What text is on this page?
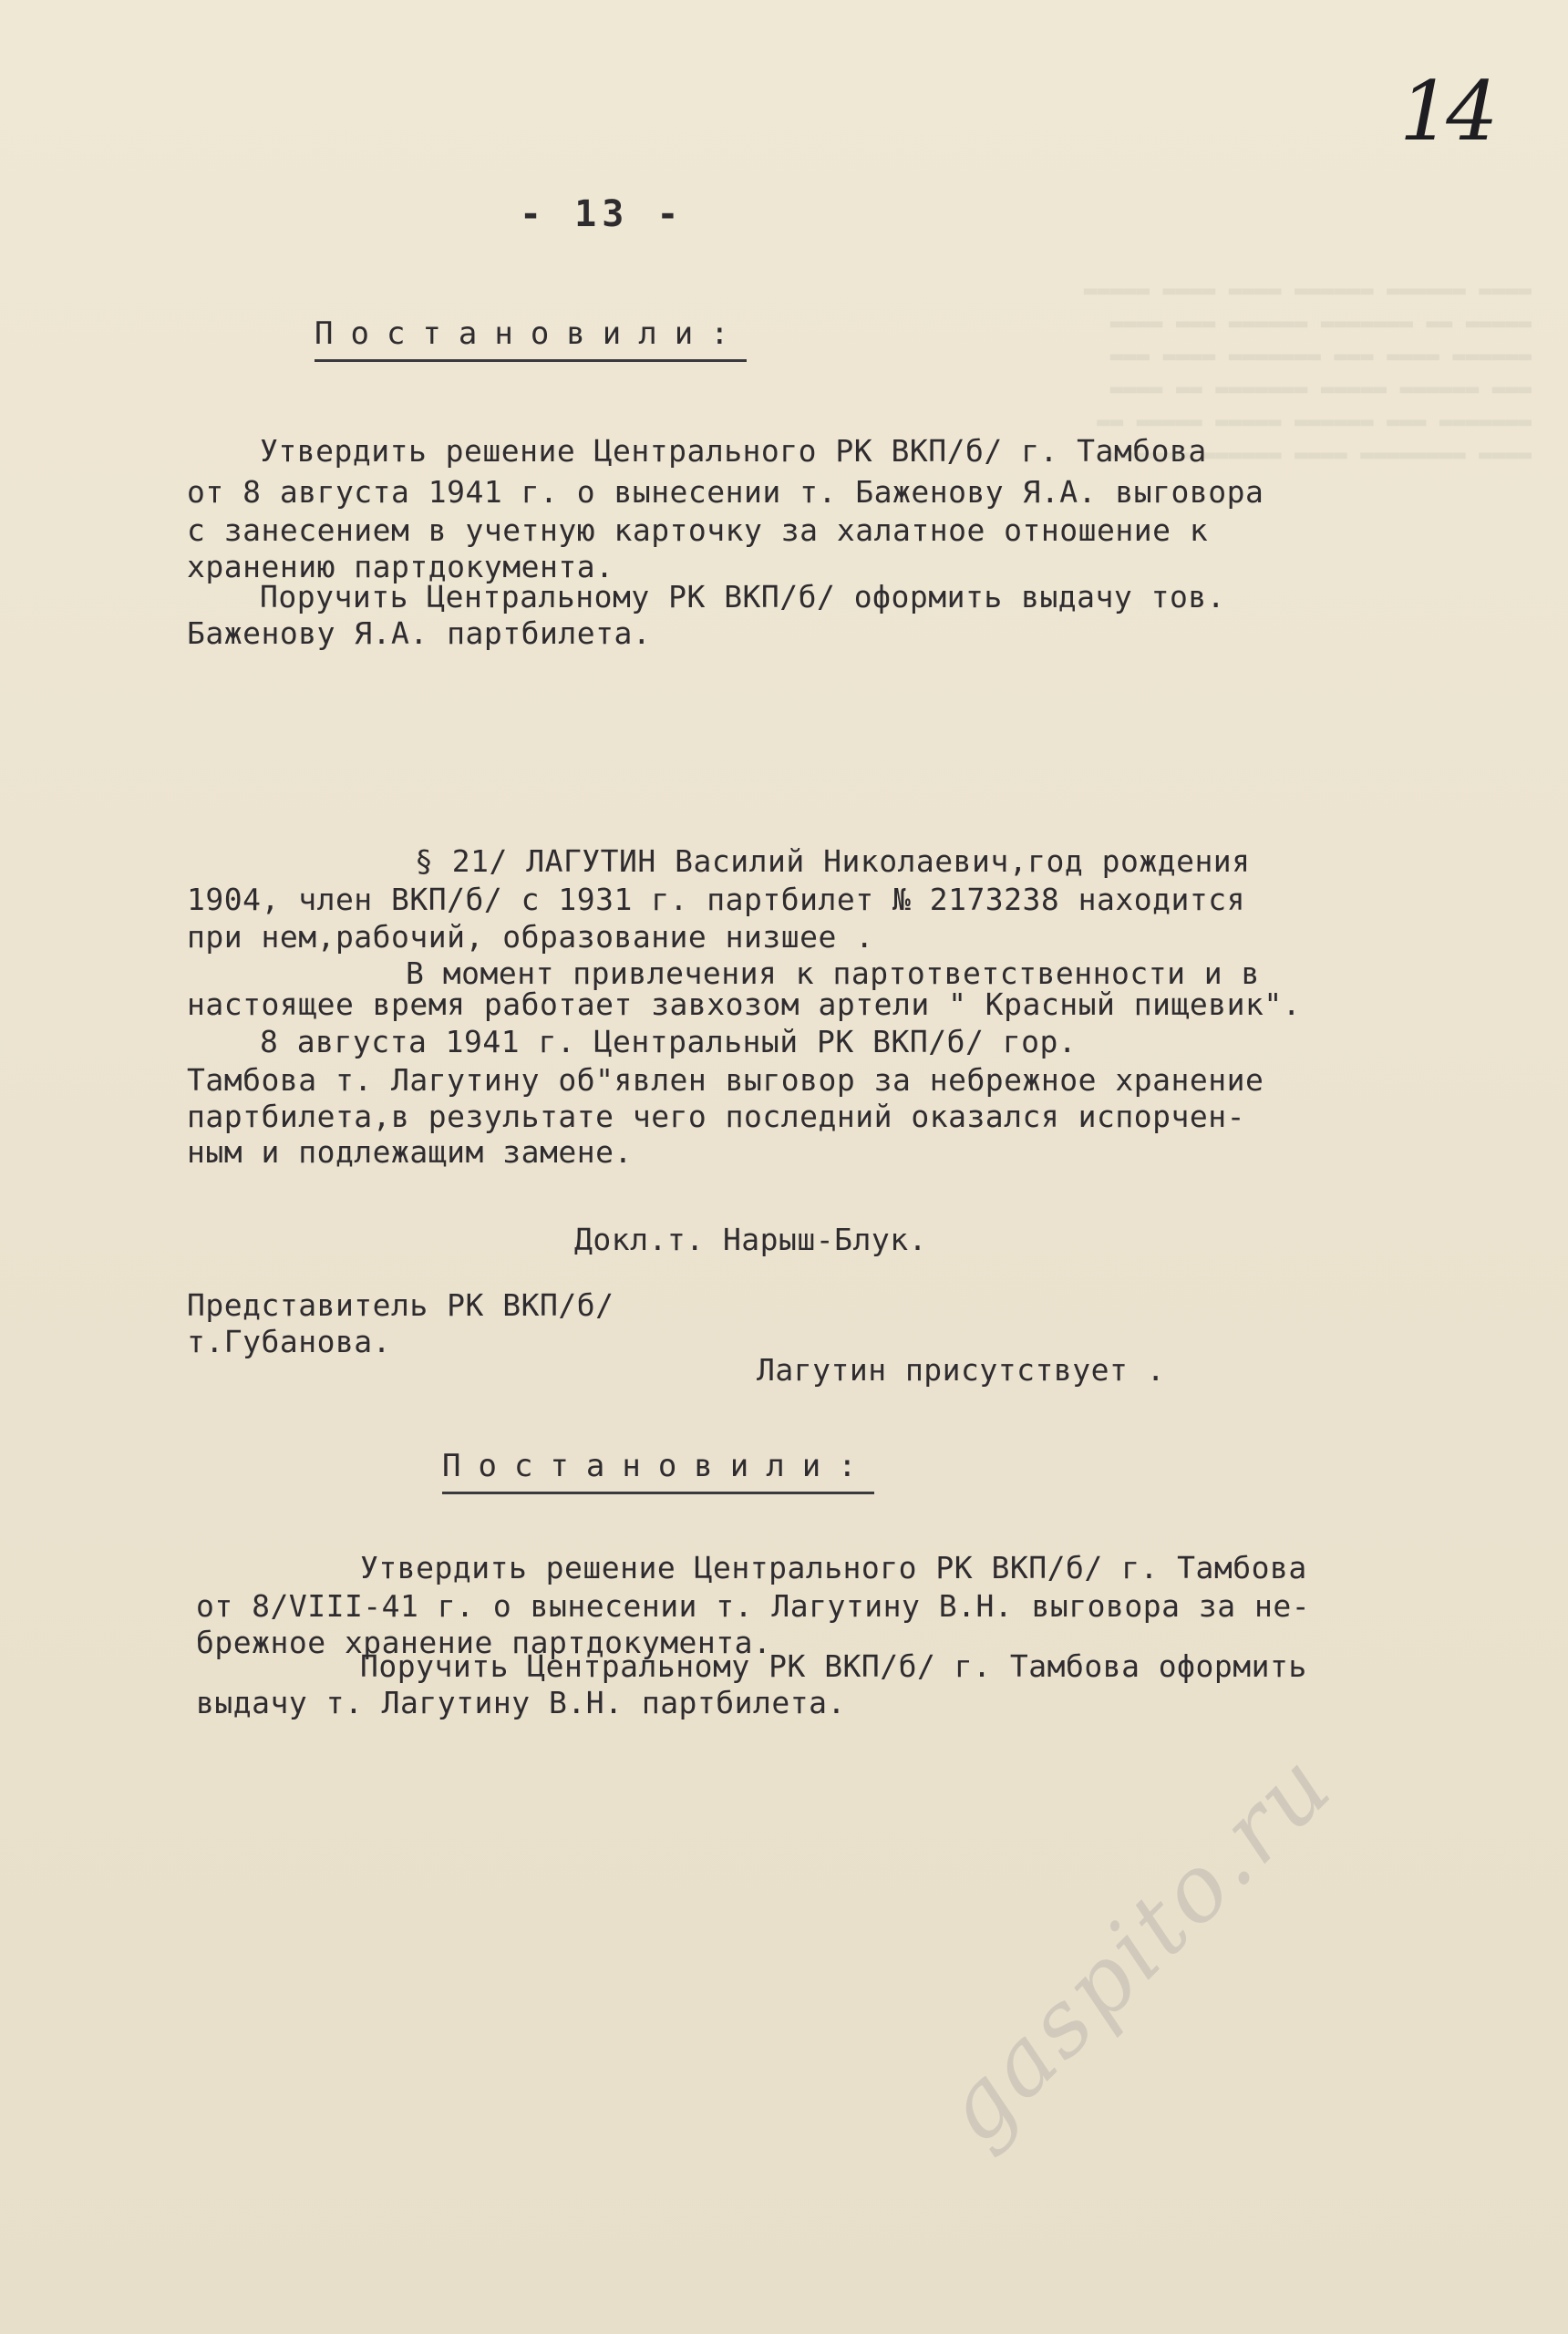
▬▬▬▬ ▬▬▬▬▬▬ ▬▬▬▬▬▬ ▬▬▬▬ ▬▬▬▬ ▬▬▬▬▬
▬▬▬▬▬ ▬▬ ▬▬▬▬▬▬▬ ▬▬▬▬▬▬ ▬▬▬ ▬▬▬▬
▬▬▬▬▬▬ ▬▬▬▬ ▬▬▬ ▬▬▬▬▬▬▬ ▬▬▬▬ ▬▬▬
▬▬▬ ▬▬▬▬▬▬ ▬▬▬▬▬ ▬▬▬▬▬▬▬ ▬▬ ▬▬▬▬
▬▬▬▬▬▬▬ ▬▬▬ ▬▬▬▬▬▬ ▬▬▬▬▬ ▬▬▬▬▬ ▬▬
▬▬▬▬ ▬▬▬▬▬▬▬▬ ▬▬▬▬ ▬▬▬▬▬▬ ▬▬▬▬▬▬
14
- 13 -
Постановили:
Утвердить решение Центрального РК ВКП/б/ г. Тамбова
от 8 августа 1941 г. о вынесении т. Баженову Я.А. выговора
с занесением в учетную карточку за халатное отношение к
хранению партдокумента.
Поручить Центральному РК ВКП/б/ оформить выдачу тов.
Баженову Я.А. партбилета.
§ 21/ ЛАГУТИН Василий Николаевич,год рождения
1904, член ВКП/б/ с 1931 г. партбилет № 2173238 находится
при нем,рабочий, образование низшее .
В момент привлечения к партответственности и в
настоящее время работает завхозом артели " Красный пищевик".
8 августа 1941 г. Центральный РК ВКП/б/ гор.
Тамбова т. Лагутину об"явлен выговор за небрежное хранение
партбилета,в результате чего последний оказался испорчен-
ным и подлежащим замене.
Докл.т. Нарыш-Блук.
Представитель РК ВКП/б/
т.Губанова.
Лагутин присутствует .
Постановили:
Утвердить решение Центрального РК ВКП/б/ г. Тамбова
от 8/VIII-41 г. о вынесении т. Лагутину В.Н. выговора за не-
брежное хранение партдокумента.
Поручить Центральному РК ВКП/б/ г. Тамбова оформить
выдачу т. Лагутину В.Н. партбилета.
gaspito.ru
